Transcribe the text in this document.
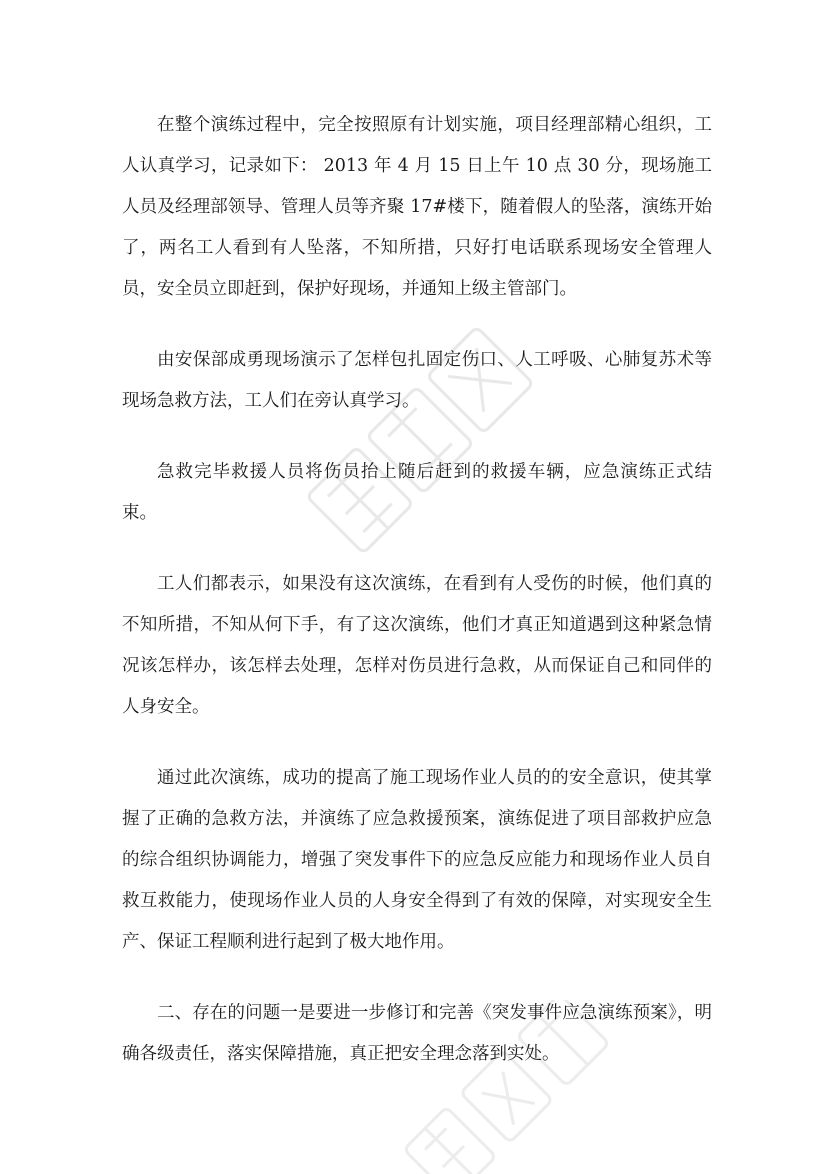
在整个演练过程中，完全按照原有计划实施，项目经理部精心组织，工人认真学习，记录如下： 2013 年 4 月 15 日上午 10 点 30 分，现场施工人员及经理部领导、管理人员等齐聚 17#楼下，随着假人的坠落，演练开始了，两名工人看到有人坠落，不知所措，只好打电话联系现场安全管理人员，安全员立即赶到，保护好现场，并通知上级主管部门。

由安保部成勇现场演示了怎样包扎固定伤口、人工呼吸、心肺复苏术等现场急救方法，工人们在旁认真学习。

急救完毕救援人员将伤员抬上随后赶到的救援车辆，应急演练正式结束。

工人们都表示，如果没有这次演练，在看到有人受伤的时候，他们真的不知所措，不知从何下手，有了这次演练，他们才真正知道遇到这种紧急情况该怎样办，该怎样去处理，怎样对伤员进行急救，从而保证自己和同伴的人身安全。

通过此次演练，成功的提高了施工现场作业人员的的安全意识，使其掌握了正确的急救方法，并演练了应急救援预案，演练促进了项目部救护应急的综合组织协调能力，增强了突发事件下的应急反应能力和现场作业人员自救互救能力，使现场作业人员的人身安全得到了有效的保障，对实现安全生产、保证工程顺利进行起到了极大地作用。

二、存在的问题一是要进一步修订和完善《突发事件应急演练预案》，明确各级责任，落实保障措施，真正把安全理念落到实处。
